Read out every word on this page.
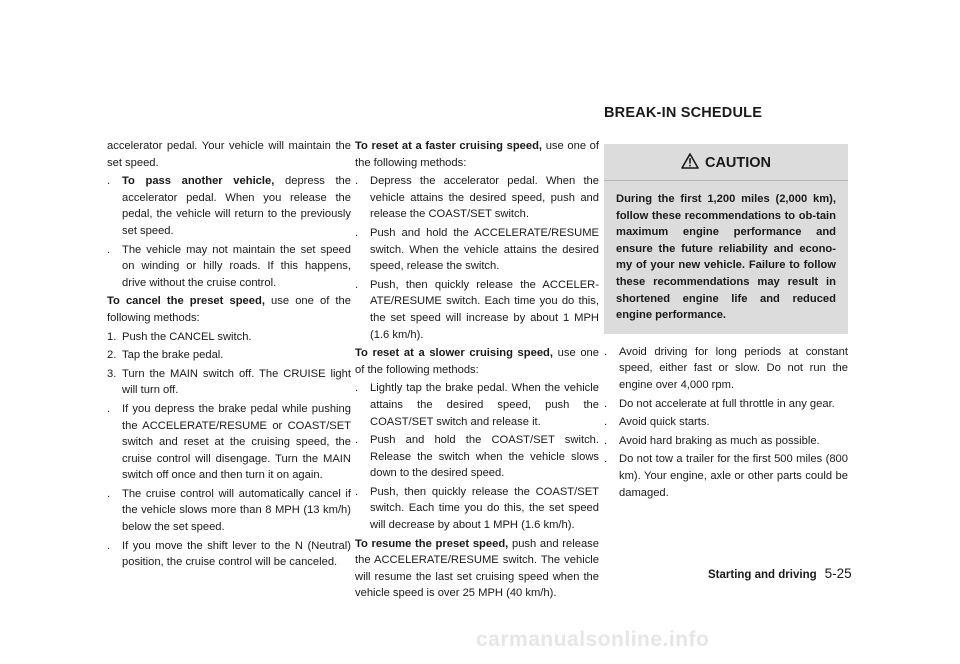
accelerator pedal. Your vehicle will maintain the set speed.

.	To pass another vehicle, depress the accelerator pedal. When you release the pedal, the vehicle will return to the previously set speed.
.	The vehicle may not maintain the set speed on winding or hilly roads. If this happens, drive without the cruise control.

To cancel the preset speed, use one of the following methods:

1. Push the CANCEL switch.
2. Tap the brake pedal.
3. Turn the MAIN switch off. The CRUISE light will turn off.
.	If you depress the brake pedal while pushing the ACCELERATE/RESUME or COAST/SET switch and reset at the cruising speed, the cruise control will disengage. Turn the MAIN switch off once and then turn it on again.
.	The cruise control will automatically cancel if the vehicle slows more than 8 MPH (13 km/h) below the set speed.
.	If you move the shift lever to the N (Neutral) position, the cruise control will be canceled.

To reset at a faster cruising speed, use one of the following methods:

.	Depress the accelerator pedal. When the vehicle attains the desired speed, push and release the COAST/SET switch.
.	Push and hold the ACCELERATE/RESUME switch. When the vehicle attains the desired speed, release the switch.
.	Push, then quickly release the ACCELER-ATE/RESUME switch. Each time you do this, the set speed will increase by about 1 MPH (1.6 km/h).

To reset at a slower cruising speed, use one of the following methods:

.	Lightly tap the brake pedal. When the vehicle attains the desired speed, push the COAST/SET switch and release it.
.	Push and hold the COAST/SET switch. Release the switch when the vehicle slows down to the desired speed.
.	Push, then quickly release the COAST/SET switch. Each time you do this, the set speed will decrease by about 1 MPH (1.6 km/h).

To resume the preset speed, push and release the ACCELERATE/RESUME switch. The vehicle will resume the last set cruising speed when the vehicle speed is over 25 MPH (40 km/h).

BREAK-IN SCHEDULE
CAUTION
During the first 1,200 miles (2,000 km), follow these recommendations to ob-tain maximum engine performance and ensure the future reliability and econo-my of your new vehicle. Failure to follow these recommendations may result in shortened engine life and reduced engine performance.
.	Avoid driving for long periods at constant speed, either fast or slow. Do not run the engine over 4,000 rpm.
.	Do not accelerate at full throttle in any gear.
.	Avoid quick starts.
.	Avoid hard braking as much as possible.
.	Do not tow a trailer for the first 500 miles (800 km). Your engine, axle or other parts could be damaged.
Starting and driving 5-25
carmanualsonline.info
